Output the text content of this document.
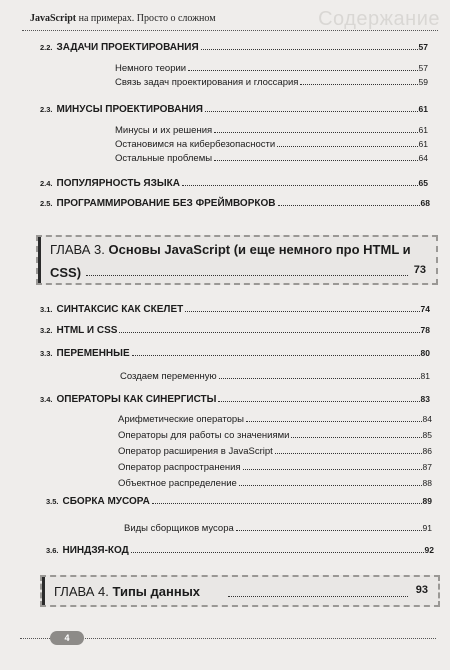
JavaScript на примерах. Просто о сложном	Содержание
2.2. ЗАДАЧИ ПРОЕКТИРОВАНИЯ	57
Немного теории	57
Связь задач проектирования и глоссария	59
2.3. МИНУСЫ ПРОЕКТИРОВАНИЯ	61
Минусы и их решения	61
Остановимся на кибербезопасности	61
Остальные проблемы	64
2.4. ПОПУЛЯРНОСТЬ ЯЗЫКА	65
2.5. ПРОГРАММИРОВАНИЕ БЕЗ ФРЕЙМВОРКОВ	68
ГЛАВА 3. Основы JavaScript (и еще немного про HTML и
CSS)	73
3.1. СИНТАКСИС КАК СКЕЛЕТ	74
3.2. HTML И CSS	78
3.3. ПЕРЕМЕННЫЕ	80
Создаем переменную	81
3.4. ОПЕРАТОРЫ КАК СИНЕРГИСТЫ	83
Арифметические операторы	84
Операторы для работы со значениями	85
Оператор расширения в JavaScript	86
Оператор распространения	87
Объектное распределение	88
3.5. СБОРКА МУСОРА	89
Виды сборщиков мусора	91
3.6. НИНДЗЯ-КОД	92
ГЛАВА 4. Типы данных	93
4
